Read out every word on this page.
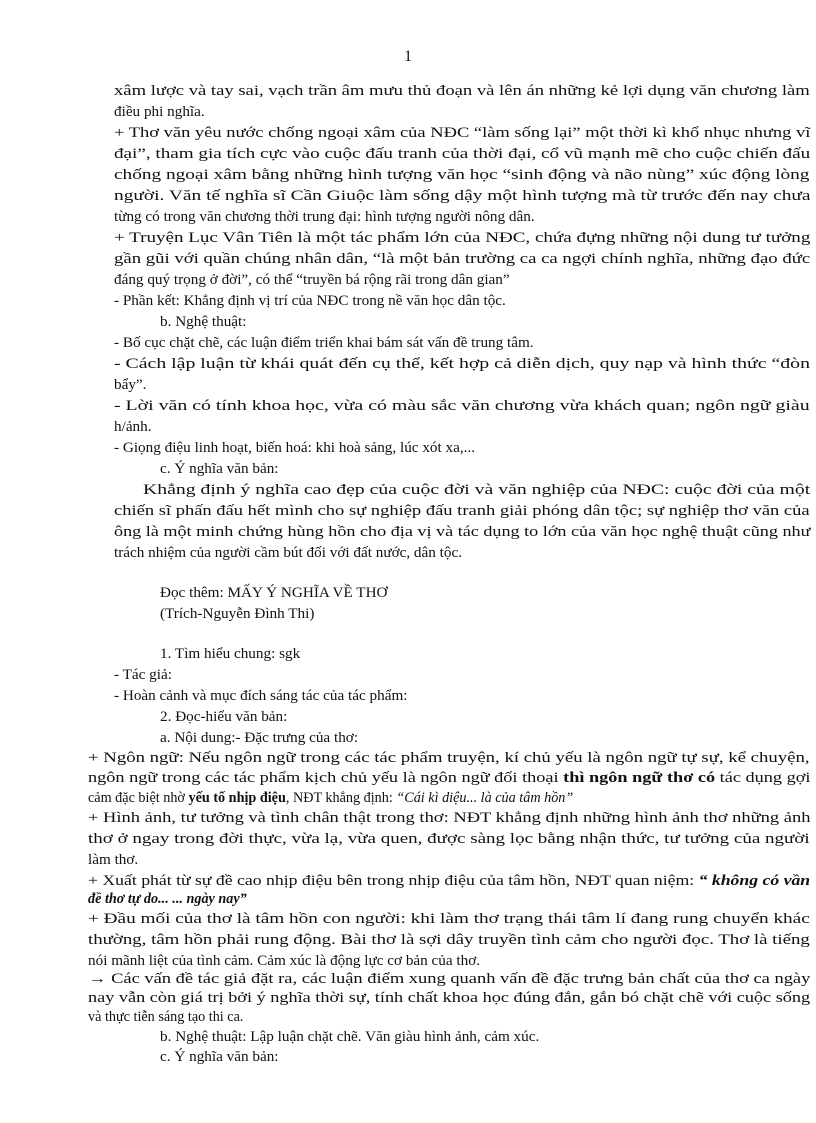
1
xâm lược và tay sai, vạch trần âm mưu thủ đoạn và lên án những kẻ lợi dụng văn chương làm
điều phi nghĩa.
+ Thơ văn yêu nước chống ngoại xâm của NĐC “làm sống lại” một thời kì khổ nhục nhưng vĩ
đại”, tham gia tích cực vào cuộc đấu tranh của thời đại, cổ vũ mạnh mẽ cho cuộc chiến đấu
chống ngoại xâm bằng những hình tượng văn học “sinh động và não nùng” xúc động lòng
người. Văn tế nghĩa sĩ Cần Giuộc làm sống dậy một hình tượng mà từ trước đến nay chưa
từng có trong văn chương thời trung đại: hình tượng người nông dân.
+ Truyện Lục Vân Tiên là một tác phẩm lớn của NĐC, chứa đựng những nội dung tư tưởng
gần gũi với quần chúng nhân dân, “là một bản trường ca ca ngợi chính nghĩa, những đạo đức
đáng quý trọng ở đời”, có thể “truyền bá rộng rãi trong dân gian”
- Phần kết: Khẳng định vị trí của NĐC trong nề văn học dân tộc.
b. Nghệ thuật:
- Bố cục chặt chẽ, các luận điểm triển khai bám sát vấn đề trung tâm.
- Cách lập luận từ khái quát đến cụ thể, kết hợp cả diễn dịch, quy nạp và hình thức “đòn
bẩy”.
- Lời văn có tính khoa học, vừa có màu sắc văn chương vừa khách quan; ngôn ngữ giàu
h/ảnh.
- Giọng điệu linh hoạt, biến hoá: khi hoà sảng, lúc xót xa,...
c. Ý nghĩa văn bản:
Khẳng định ý nghĩa cao đẹp của cuộc đời và văn nghiệp của NĐC: cuộc đời của một
chiến sĩ phấn đấu hết mình cho sự nghiệp đấu tranh giải phóng dân tộc; sự nghiệp thơ văn của
ông là một minh chứng hùng hồn cho địa vị và tác dụng to lớn của văn học nghệ thuật cũng như
trách nhiệm của người cầm bút đối với đất nước, dân tộc.
Đọc thêm: MẤY Ý NGHĨA VỀ THƠ
(Trích-Nguyễn Đình Thi)
1. Tìm hiểu chung: sgk
- Tác giả:
- Hoàn cảnh và mục đích sáng tác của tác phẩm:
2. Đọc-hiểu văn bản:
a. Nội dung:- Đặc trưng của thơ:
+ Ngôn ngữ: Nếu ngôn ngữ trong các tác phẩm truyện, kí chủ yếu là ngôn ngữ tự sự, kể chuyện,
ngôn ngữ trong các tác phẩm kịch chủ yếu là ngôn ngữ đối thoại thì ngôn ngữ thơ có tác dụng gợi
cảm đặc biệt nhờ yếu tố nhịp điệu, NĐT khẳng định: “Cái kì diệu... là của tâm hồn”
+ Hình ảnh, tư tưởng và tình chân thật trong thơ: NĐT khẳng định những hình ảnh thơ những ảnh
thơ ở ngay trong đời thực, vừa lạ, vừa quen, được sàng lọc bằng nhận thức, tư tưởng của người
làm thơ.
+ Xuất phát từ sự đề cao nhịp điệu bên trong nhịp điệu của tâm hồn, NĐT quan niệm: “ không có vần
đề thơ tự do... ... ngày nay”
+ Đầu mối của thơ là tâm hồn con người: khi làm thơ trạng thái tâm lí đang rung chuyển khác
thường, tâm hồn phải rung động. Bài thơ là sợi dây truyền tình cảm cho người đọc. Thơ là tiếng
nói mãnh liệt của tình cảm. Cảm xúc là động lực cơ bản của thơ.
→ Các vấn đề tác giả đặt ra, các luận điểm xung quanh vấn đề đặc trưng bản chất của thơ ca ngày
nay vẫn còn giá trị bởi ý nghĩa thời sự, tính chất khoa học đúng đắn, gắn bó chặt chẽ với cuộc sống
và thực tiễn sáng tạo thi ca.
b. Nghệ thuật: Lập luận chặt chẽ. Văn giàu hình ảnh, cảm xúc.
c. Ý nghĩa văn bản:
